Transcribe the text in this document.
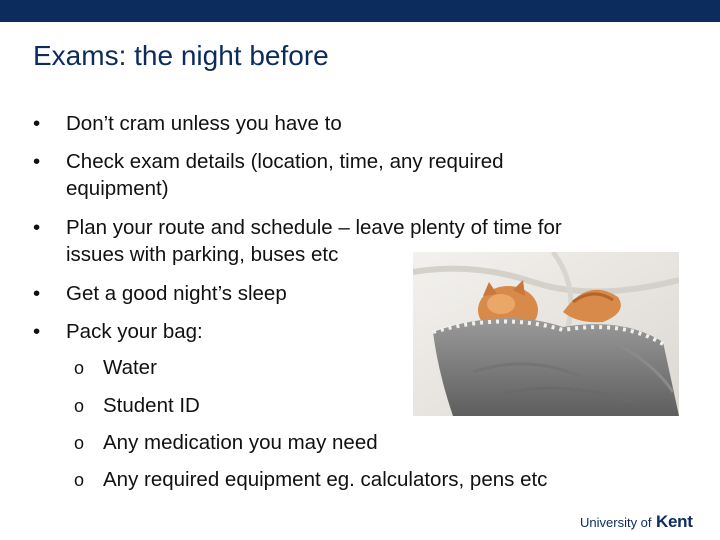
Exams: the night before
• Don’t cram unless you have to
• Check exam details (location, time, any required
equipment)
• Plan your route and schedule – leave plenty of time for
issues with parking, buses etc
• Get a good night’s sleep
• Pack your bag:
o Water
o Student ID
o Any medication you may need
o Any required equipment eg. calculators, pens etc
University of Kent
